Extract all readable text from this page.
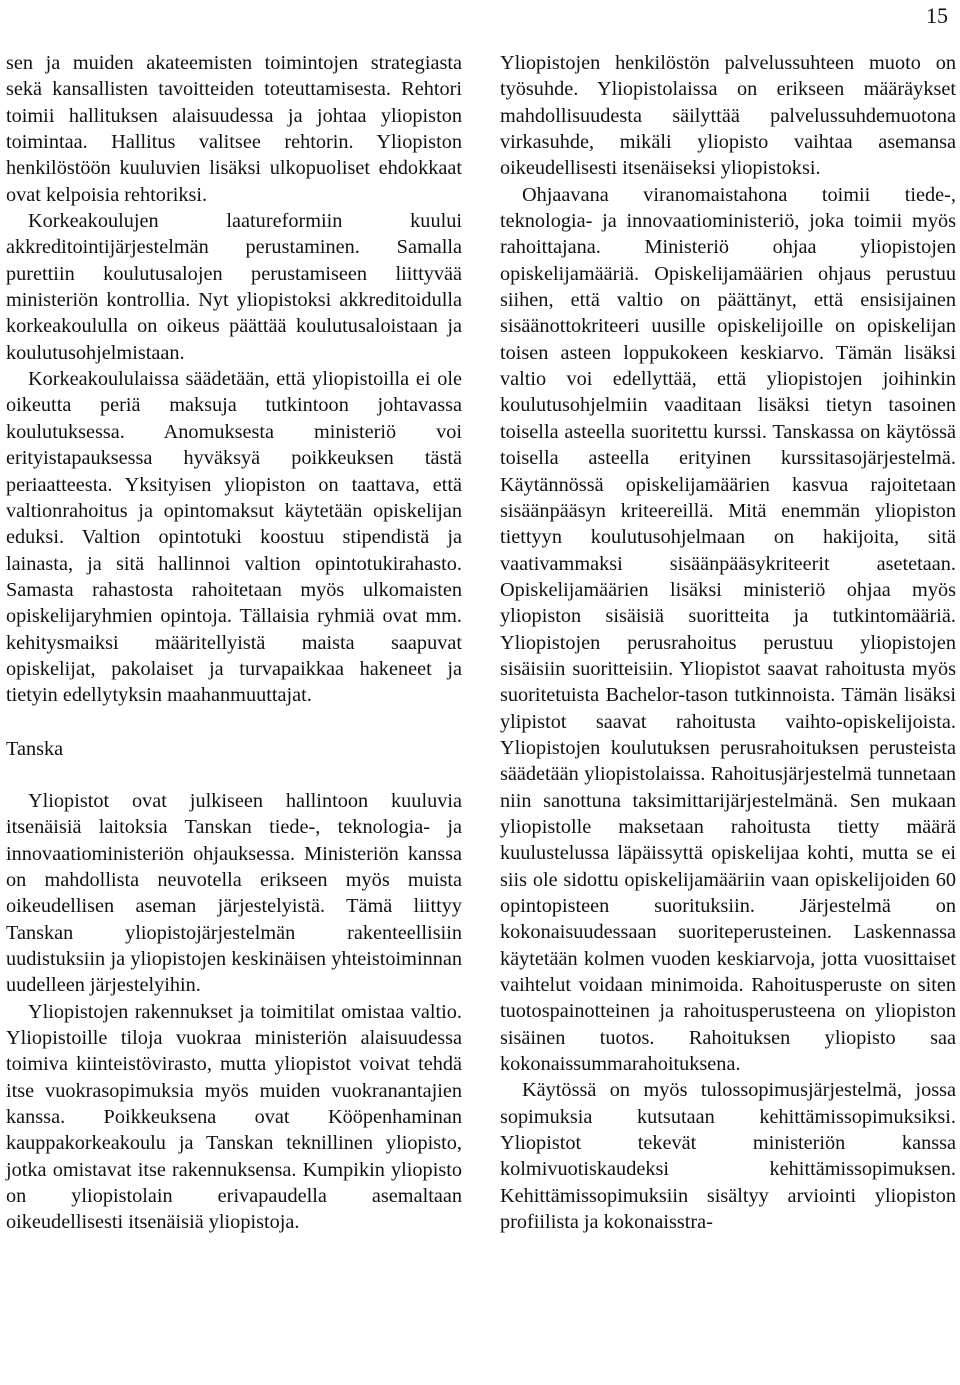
15

sen ja muiden akateemisten toimintojen strategiasta sekä kansallisten tavoitteiden toteuttamisesta. Rehtori toimii hallituksen alaisuudessa ja johtaa yliopiston toimintaa. Hallitus valitsee rehtorin. Yliopiston henkilöstöön kuuluvien lisäksi ulkopuoliset ehdokkaat ovat kelpoisia rehtoriksi.

Korkeakoulujen laatureformiin kuului akkreditointijärjestelmän perustaminen. Samalla purettiin koulutusalojen perustamiseen liittyvää ministeriön kontrollia. Nyt yliopistoksi akkreditoidulla korkeakoululla on oikeus päättää koulutusaloistaan ja koulutusohjelmistaan.

Korkeakoululaissa säädetään, että yliopistoilla ei ole oikeutta periä maksuja tutkintoon johtavassa koulutuksessa. Anomuksesta ministeriö voi erityistapauksessa hyväksyä poikkeuksen tästä periaatteesta. Yksityisen yliopiston on taattava, että valtionrahoitus ja opintomaksut käytetään opiskelijan eduksi. Valtion opintotuki koostuu stipendistä ja lainasta, ja sitä hallinnoi valtion opintotukirahasto. Samasta rahastosta rahoitetaan myös ulkomaisten opiskelijaryhmien opintoja. Tällaisia ryhmiä ovat mm. kehitysmaiksi määritellyistä maista saapuvat opiskelijat, pakolaiset ja turvapaikkaa hakeneet ja tietyin edellytyksin maahanmuuttajat.

Tanska

Yliopistot ovat julkiseen hallintoon kuuluvia itsenäisiä laitoksia Tanskan tiede-, teknologia- ja innovaatioministeriön ohjauksessa. Ministeriön kanssa on mahdollista neuvotella erikseen myös muista oikeudellisen aseman järjestelyistä. Tämä liittyy Tanskan yliopistojärjestelmän rakenteellisiin uudistuksiin ja yliopistojen keskinäisen yhteistoiminnan uudelleen järjestelyihin.

Yliopistojen rakennukset ja toimitilat omistaa valtio. Yliopistoille tiloja vuokraa ministeriön alaisuudessa toimiva kiinteistövirasto, mutta yliopistot voivat tehdä itse vuokrasopimuksia myös muiden vuokranantajien kanssa. Poikkeuksena ovat Kööpenhaminan kauppakorkeakoulu ja Tanskan teknillinen yliopisto, jotka omistavat itse rakennuksensa. Kumpikin yliopisto on yliopistolain erivapaudella asemaltaan oikeudellisesti itsenäisiä yliopistoja.

Yliopistojen henkilöstön palvelussuhteen muoto on työsuhde. Yliopistolaissa on erikseen määräykset mahdollisuudesta säilyttää palvelussuhdemuotona virkasuhde, mikäli yliopisto vaihtaa asemansa oikeudellisesti itsenäiseksi yliopistoksi.

Ohjaavana viranomaistahona toimii tiede-, teknologia- ja innovaatioministeriö, joka toimii myös rahoittajana. Ministeriö ohjaa yliopistojen opiskelijamääriä. Opiskelijamäärien ohjaus perustuu siihen, että valtio on päättänyt, että ensisijainen sisäänottokriteeri uusille opiskelijoille on opiskelijan toisen asteen loppukokeen keskiarvo. Tämän lisäksi valtio voi edellyttää, että yliopistojen joihinkin koulutusohjelmiin vaaditaan lisäksi tietyn tasoinen toisella asteella suoritettu kurssi. Tanskassa on käytössä toisella asteella erityinen kurssitasojärjestelmä. Käytännössä opiskelijamäärien kasvua rajoitetaan sisäänpääsyn kriteereillä. Mitä enemmän yliopiston tiettyyn koulutusohjelmaan on hakijoita, sitä vaativammaksi sisäänpääsykriteerit asetetaan. Opiskelijamäärien lisäksi ministeriö ohjaa myös yliopiston sisäisiä suoritteita ja tutkintomääriä. Yliopistojen perusrahoitus perustuu yliopistojen sisäisiin suoritteisiin. Yliopistot saavat rahoitusta myös suoritetuista Bachelor-tason tutkinnoista. Tämän lisäksi ylipistot saavat rahoitusta vaihto-opiskelijoista. Yliopistojen koulutuksen perusrahoituksen perusteista säädetään yliopistolaissa. Rahoitusjärjestelmä tunnetaan niin sanottuna taksimittarijärjestelmänä. Sen mukaan yliopistolle maksetaan rahoitusta tietty määrä kuulustelussa läpäissyttä opiskelijaa kohti, mutta se ei siis ole sidottu opiskelijamääriin vaan opiskelijoiden 60 opintopisteen suorituksiin. Järjestelmä on kokonaisuudessaan suoriteperusteinen. Laskennassa käytetään kolmen vuoden keskiarvoja, jotta vuosittaiset vaihtelut voidaan minimoida. Rahoitusperuste on siten tuotospainotteinen ja rahoitusperusteena on yliopiston sisäinen tuotos. Rahoituksen yliopisto saa kokonaissummarahoituksena.

Käytössä on myös tulossopimusjärjestelmä, jossa sopimuksia kutsutaan kehittämissopimuksiksi. Yliopistot tekevät ministeriön kanssa kolmivuotiskaudeksi kehittämissopimuksen. Kehittämissopimuksiin sisältyy arviointi yliopiston profiilista ja kokonaisstra-
